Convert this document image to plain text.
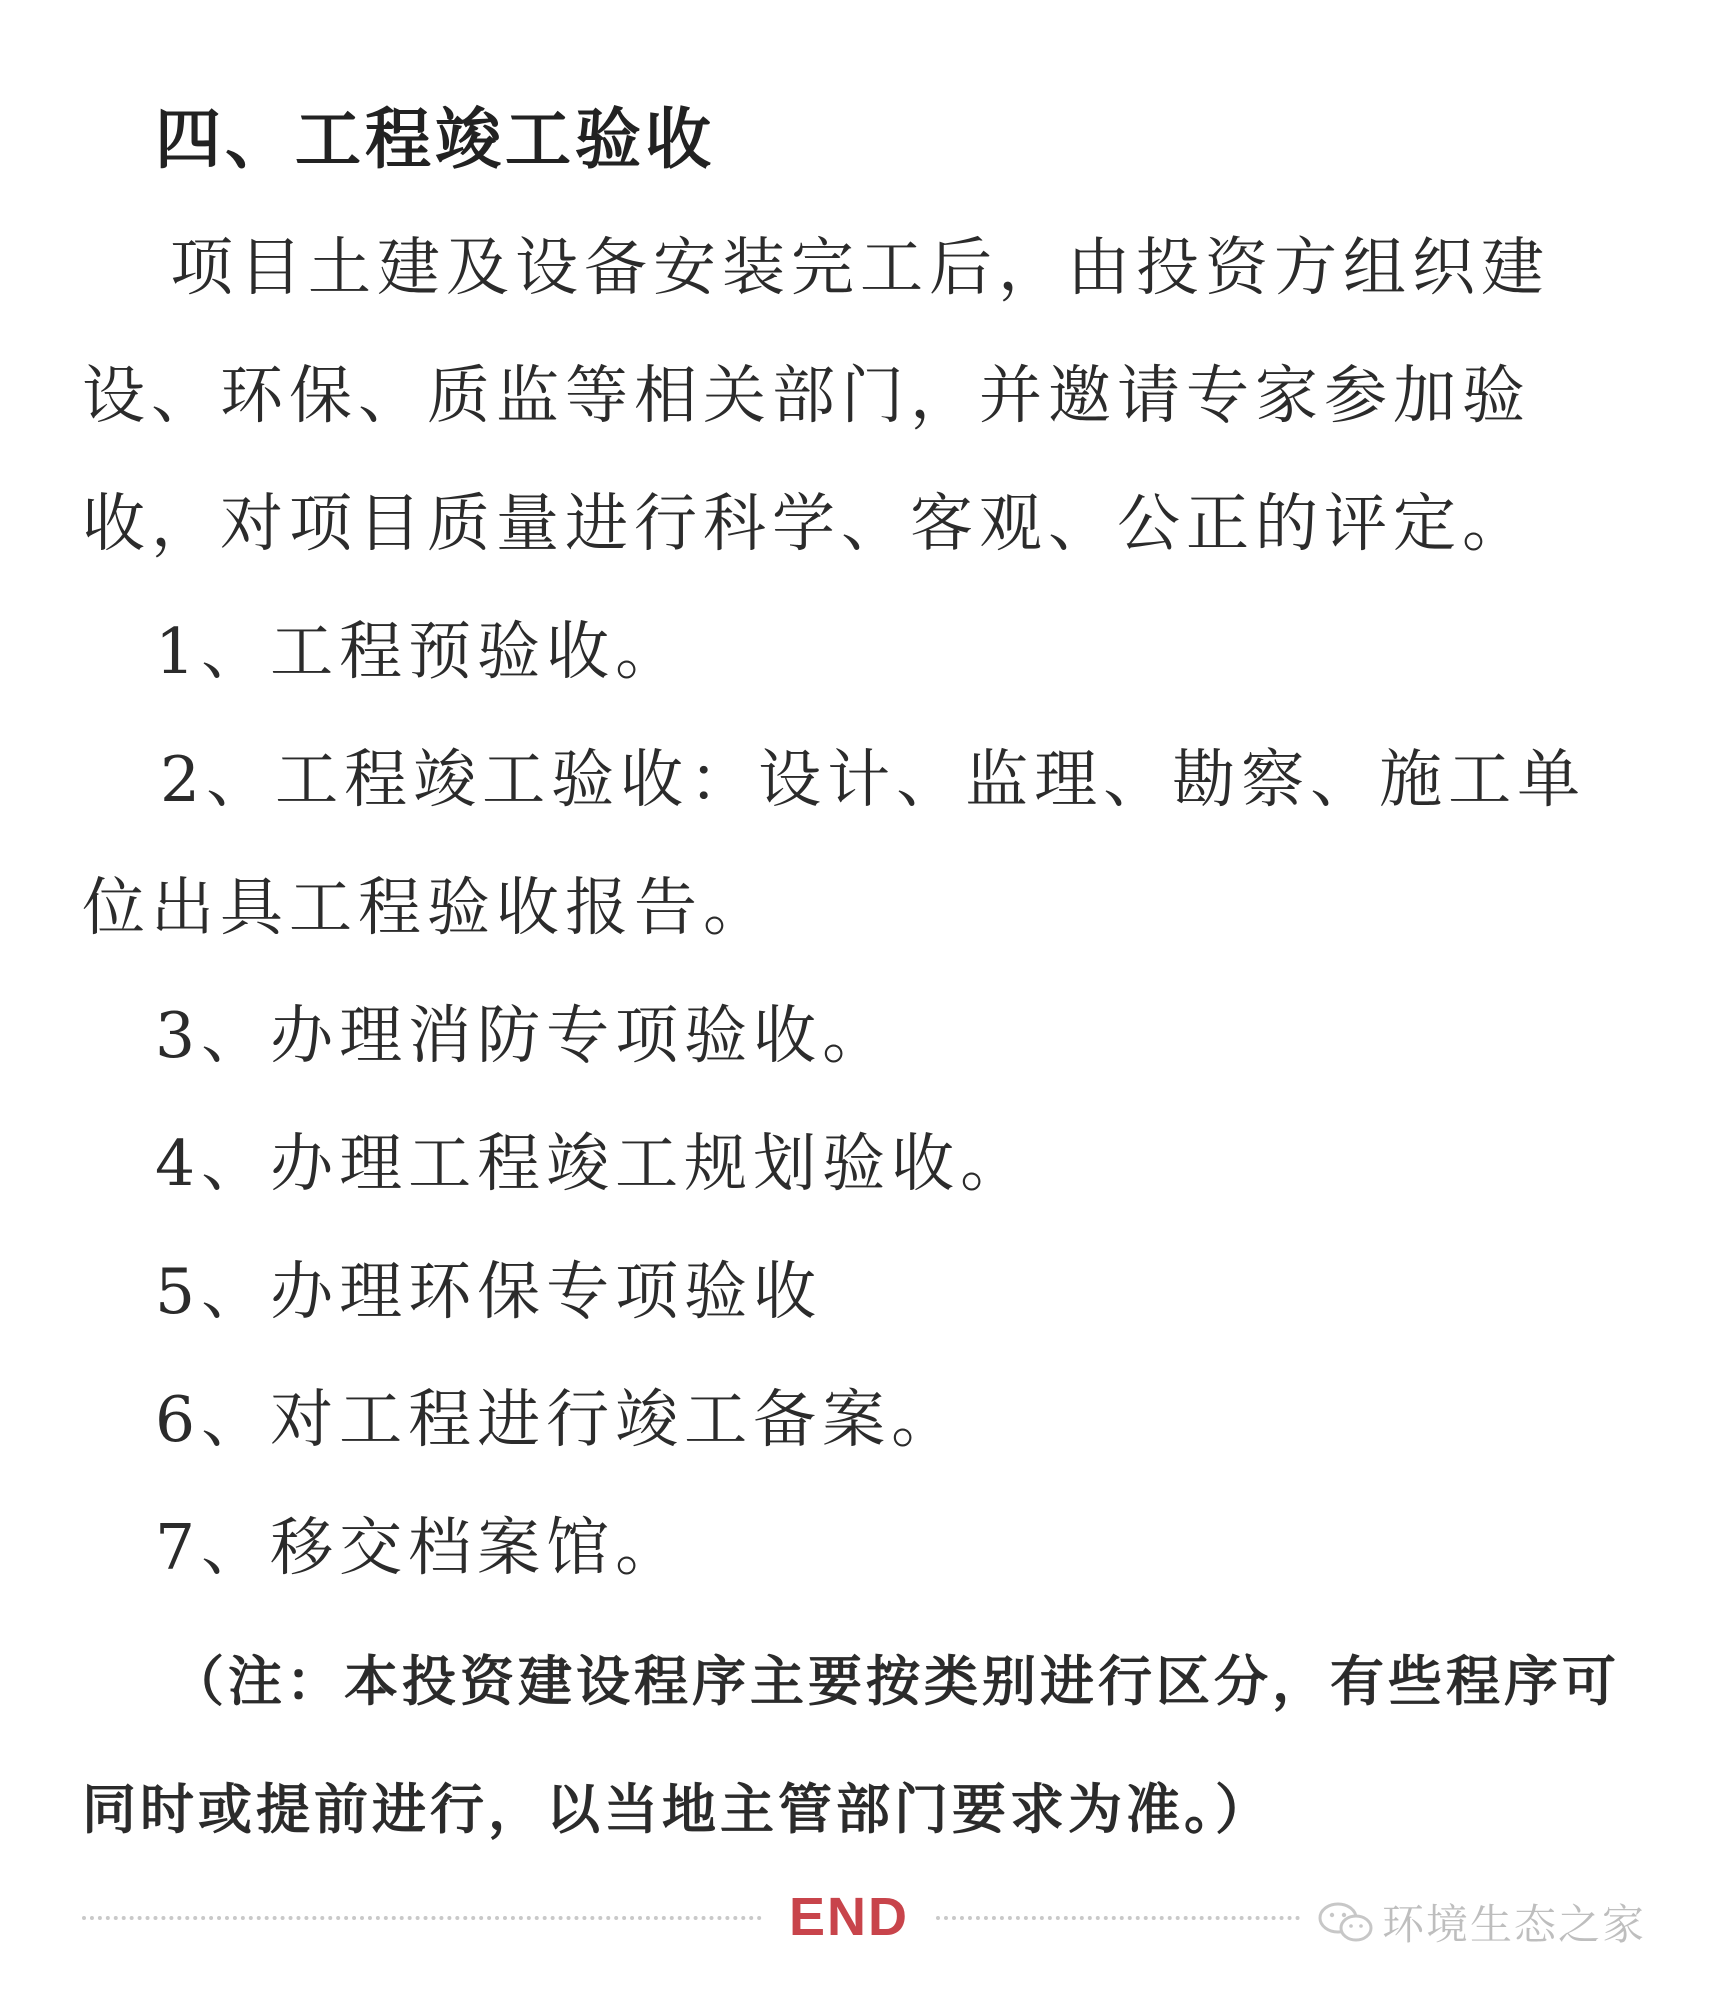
四、工程竣工验收
项目土建及设备安装完工后，由投资方组织建
设、环保、质监等相关部门，并邀请专家参加验
收，对项目质量进行科学、客观、公正的评定。
1、工程预验收。
2、工程竣工验收：设计、监理、勘察、施工单
位出具工程验收报告。
3、办理消防专项验收。
4、办理工程竣工规划验收。
5、办理环保专项验收
6、对工程进行竣工备案。
7、移交档案馆。
（注：本投资建设程序主要按类别进行区分，有些程序可
同时或提前进行，以当地主管部门要求为准。）
END	环境生态之家
